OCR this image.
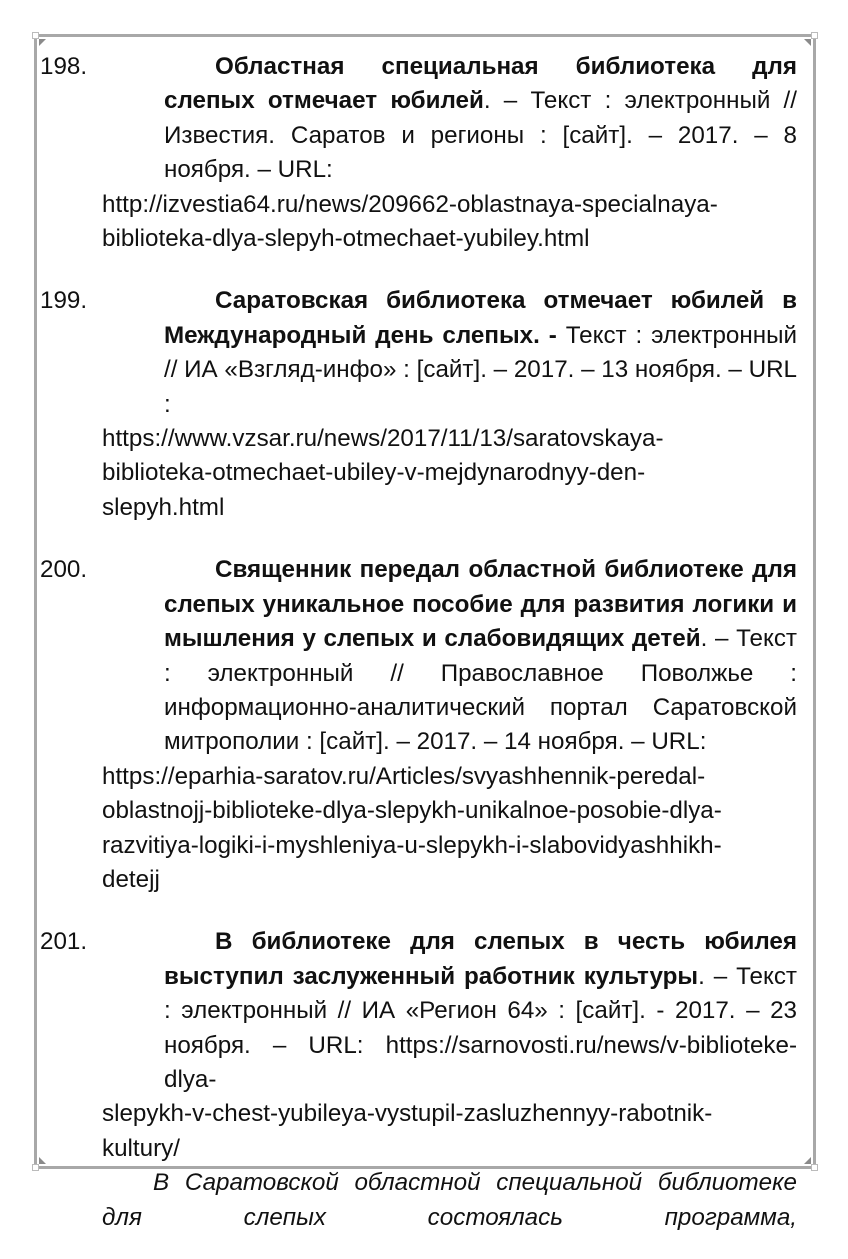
198.	Областная специальная библиотека для слепых отмечает юбилей. – Текст : электронный // Известия. Саратов и регионы : [сайт]. – 2017. – 8 ноября. – URL:

http://izvestia64.ru/news/209662-oblastnaya-specialnaya-

biblioteka-dlya-slepyh-otmechaet-yubiley.html

199.	Саратовская библиотека отмечает юбилей в Международный день слепых. - Текст : электронный // ИА «Взгляд-инфо» : [сайт]. – 2017. – 13 ноября. – URL :

https://www.vzsar.ru/news/2017/11/13/saratovskaya-

biblioteka-otmechaet-ubiley-v-mejdynarodnyy-den-

slepyh.html

200.	Священник передал областной библиотеке для слепых уникальное пособие для развития логики и мышления у слепых и слабовидящих детей. – Текст : электронный // Православное Поволжье : информационно-аналитический портал Саратовской митрополии : [сайт]. – 2017. – 14 ноября. – URL:

https://eparhia-saratov.ru/Articles/svyashhennik-peredal-

oblastnojj-biblioteke-dlya-slepykh-unikalnoe-posobie-dlya-

razvitiya-logiki-i-myshleniya-u-slepykh-i-slabovidyashhikh-

detejj

201.	В библиотеке для слепых в честь юбилея выступил заслуженный работник культуры. – Текст : электронный // ИА «Регион 64» : [сайт]. - 2017. – 23 ноября. – URL: https://sarnovosti.ru/news/v-biblioteke-dlya-

slepykh-v-chest-yubileya-vystupil-zasluzhennyy-rabotnik-

kultury/

В Саратовской областной специальной библиотеке для слепых состоялась программа,
